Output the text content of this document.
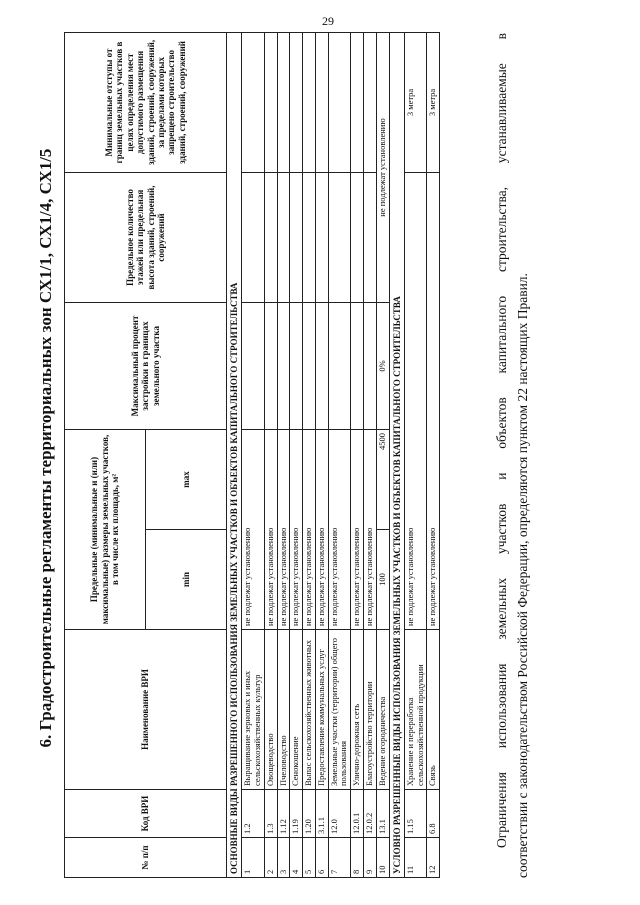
29
6. Градостроительные регламенты территориальных зон СХ1/1, СХ1/4, СХ1/5
№ п/п	Код ВРИ	Наименование ВРИ	Предельные (минимальные и (или) максимальные) размеры земельных участков, в том числе их площадь, м²		Максимальный процент застройки в границах земельного участка	Предельное количество этажей или предельная высота зданий, строений, сооружений	Минимальные отступы от границ земельных участков в целях определения мест допустимого размещения зданий, строений, сооружений, за пределами которых запрещено строительство зданий, строений, сооружений
			min	max			
ОСНОВНЫЕ ВИДЫ РАЗРЕШЕННОГО ИСПОЛЬЗОВАНИЯ ЗЕМЕЛЬНЫХ УЧАСТКОВ И ОБЪЕКТОВ КАПИТАЛЬНОГО СТРОИТЕЛЬСТВА							
1	1.2	Выращивание зерновых и иных сельскохозяйственных культур	не подлежат установлению				
2	1.3	Овощеводство	не подлежат установлению				
3	1.12	Пчеловодство	не подлежат установлению				
4	1.19	Сенокошение	не подлежат установлению				
5	1.20	Выпас сельскохозяйственных животных	не подлежат установлению				
6	3.1.1	Предоставление коммунальных услуг	не подлежат установлению				
7	12.0	Земельные участки (территории) общего пользования	не подлежат установлению				
8	12.0.1	Улично-дорожная сеть	не подлежат установлению				
9	12.0.2	Благоустройство территории	не подлежат установлению				
10	13.1	Ведение огородничества	100	4500	0%	не подлежат установлению	
УСЛОВНО РАЗРЕШЕННЫЕ ВИДЫ ИСПОЛЬЗОВАНИЯ ЗЕМЕЛЬНЫХ УЧАСТКОВ И ОБЪЕКТОВ КАПИТАЛЬНОГО СТРОИТЕЛЬСТВА							
11	1.15	Хранение и переработка сельскохозяйственной продукции	не подлежат установлению				3 метра
12	6.8	Связь	не подлежат установлению				3 метра	Ограничения использования земельных участков и объектов капитального строительства, устанавливаемые в соответствии с законодательством Российской Федерации, определяются пунктом 22 настоящих Правил.
